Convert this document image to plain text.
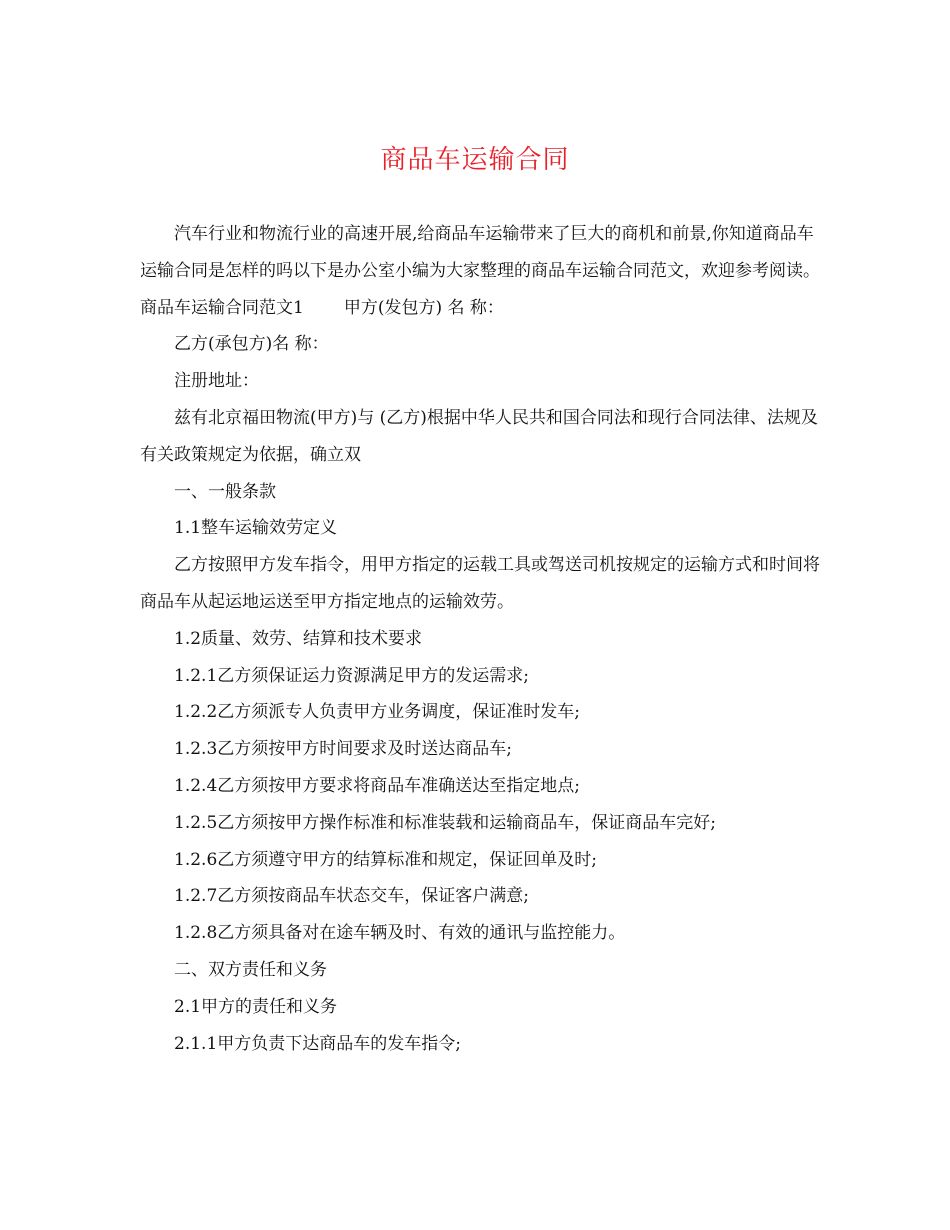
商品车运输合同

汽车行业和物流行业的高速开展,给商品车运输带来了巨大的商机和前景,你知道商品车运输合同是怎样的吗以下是办公室小编为大家整理的商品车运输合同范文，欢迎参考阅读。

商品车运输合同范文1 甲方(发包方) 名 称：

乙方(承包方)名 称：

注册地址：

兹有北京福田物流(甲方)与 (乙方)根据中华人民共和国合同法和现行合同法律、法规及有关政策规定为依据，确立双

一、一般条款

1.1整车运输效劳定义

乙方按照甲方发车指令，用甲方指定的运载工具或驾送司机按规定的运输方式和时间将商品车从起运地运送至甲方指定地点的运输效劳。

1.2质量、效劳、结算和技术要求

1.2.1乙方须保证运力资源满足甲方的发运需求;

1.2.2乙方须派专人负责甲方业务调度，保证准时发车;

1.2.3乙方须按甲方时间要求及时送达商品车;

1.2.4乙方须按甲方要求将商品车准确送达至指定地点;

1.2.5乙方须按甲方操作标准和标准装载和运输商品车，保证商品车完好;

1.2.6乙方须遵守甲方的结算标准和规定，保证回单及时;

1.2.7乙方须按商品车状态交车，保证客户满意;

1.2.8乙方须具备对在途车辆及时、有效的通讯与监控能力。

二、双方责任和义务

2.1甲方的责任和义务

2.1.1甲方负责下达商品车的发车指令;
